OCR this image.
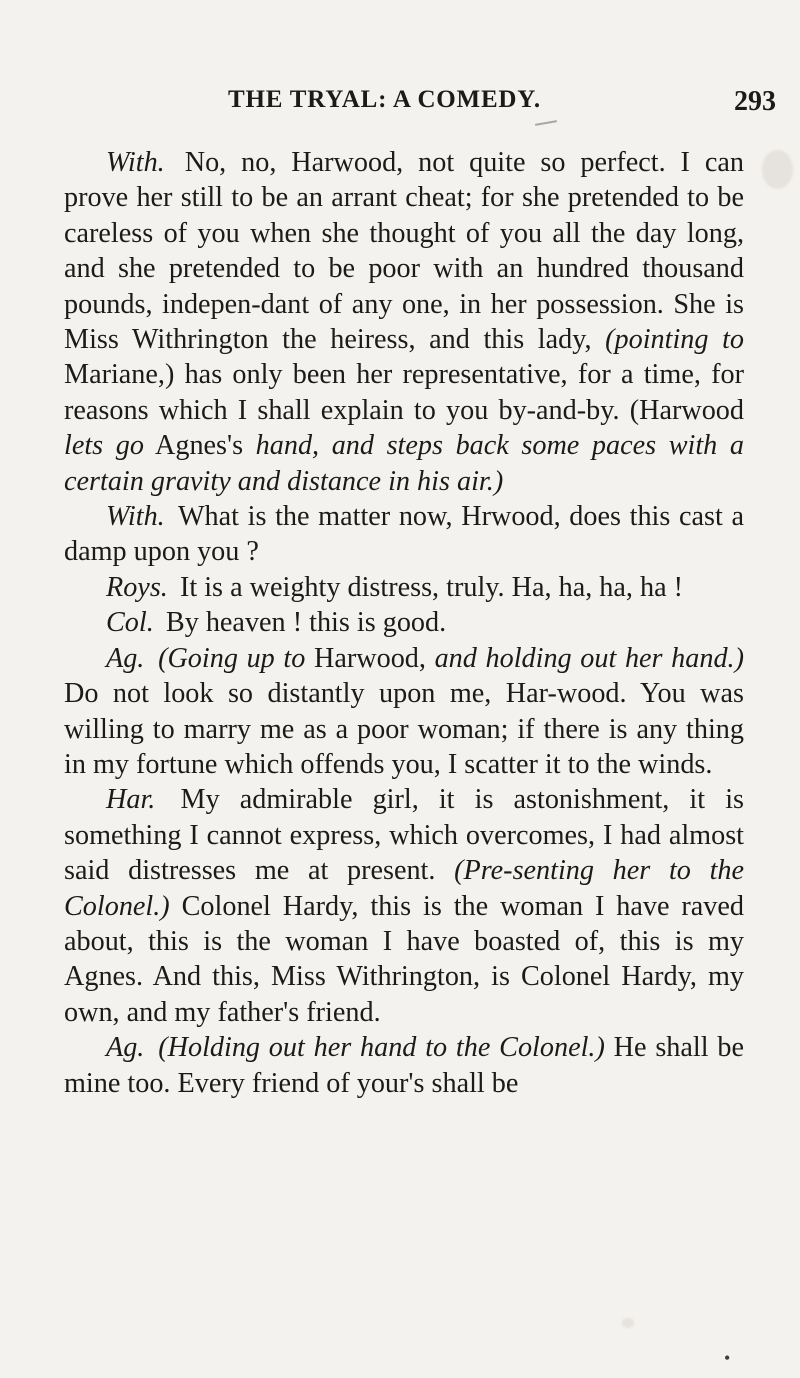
THE TRYAL: A COMEDY.	293

With. No, no, Harwood, not quite so perfect. I can prove her still to be an arrant cheat; for she pretended to be careless of you when she thought of you all the day long, and she pretended to be poor with an hundred thousand pounds, indepen-dant of any one, in her possession. She is Miss Withrington the heiress, and this lady, (pointing to Mariane,) has only been her representative, for a time, for reasons which I shall explain to you by-and-by. (Harwood lets go Agnes's hand, and steps back some paces with a certain gravity and distance in his air.)

With. What is the matter now, Hrwood, does this cast a damp upon you ?

Roys. It is a weighty distress, truly. Ha, ha, ha, ha !

Col. By heaven ! this is good.

Ag. (Going up to Harwood, and holding out her hand.) Do not look so distantly upon me, Har-wood. You was willing to marry me as a poor woman; if there is any thing in my fortune which offends you, I scatter it to the winds.

Har. My admirable girl, it is astonishment, it is something I cannot express, which overcomes, I had almost said distresses me at present. (Pre-senting her to the Colonel.) Colonel Hardy, this is the woman I have raved about, this is the woman I have boasted of, this is my Agnes. And this, Miss Withrington, is Colonel Hardy, my own, and my father's friend.

Ag. (Holding out her hand to the Colonel.) He shall be mine too. Every friend of your's shall be

•
